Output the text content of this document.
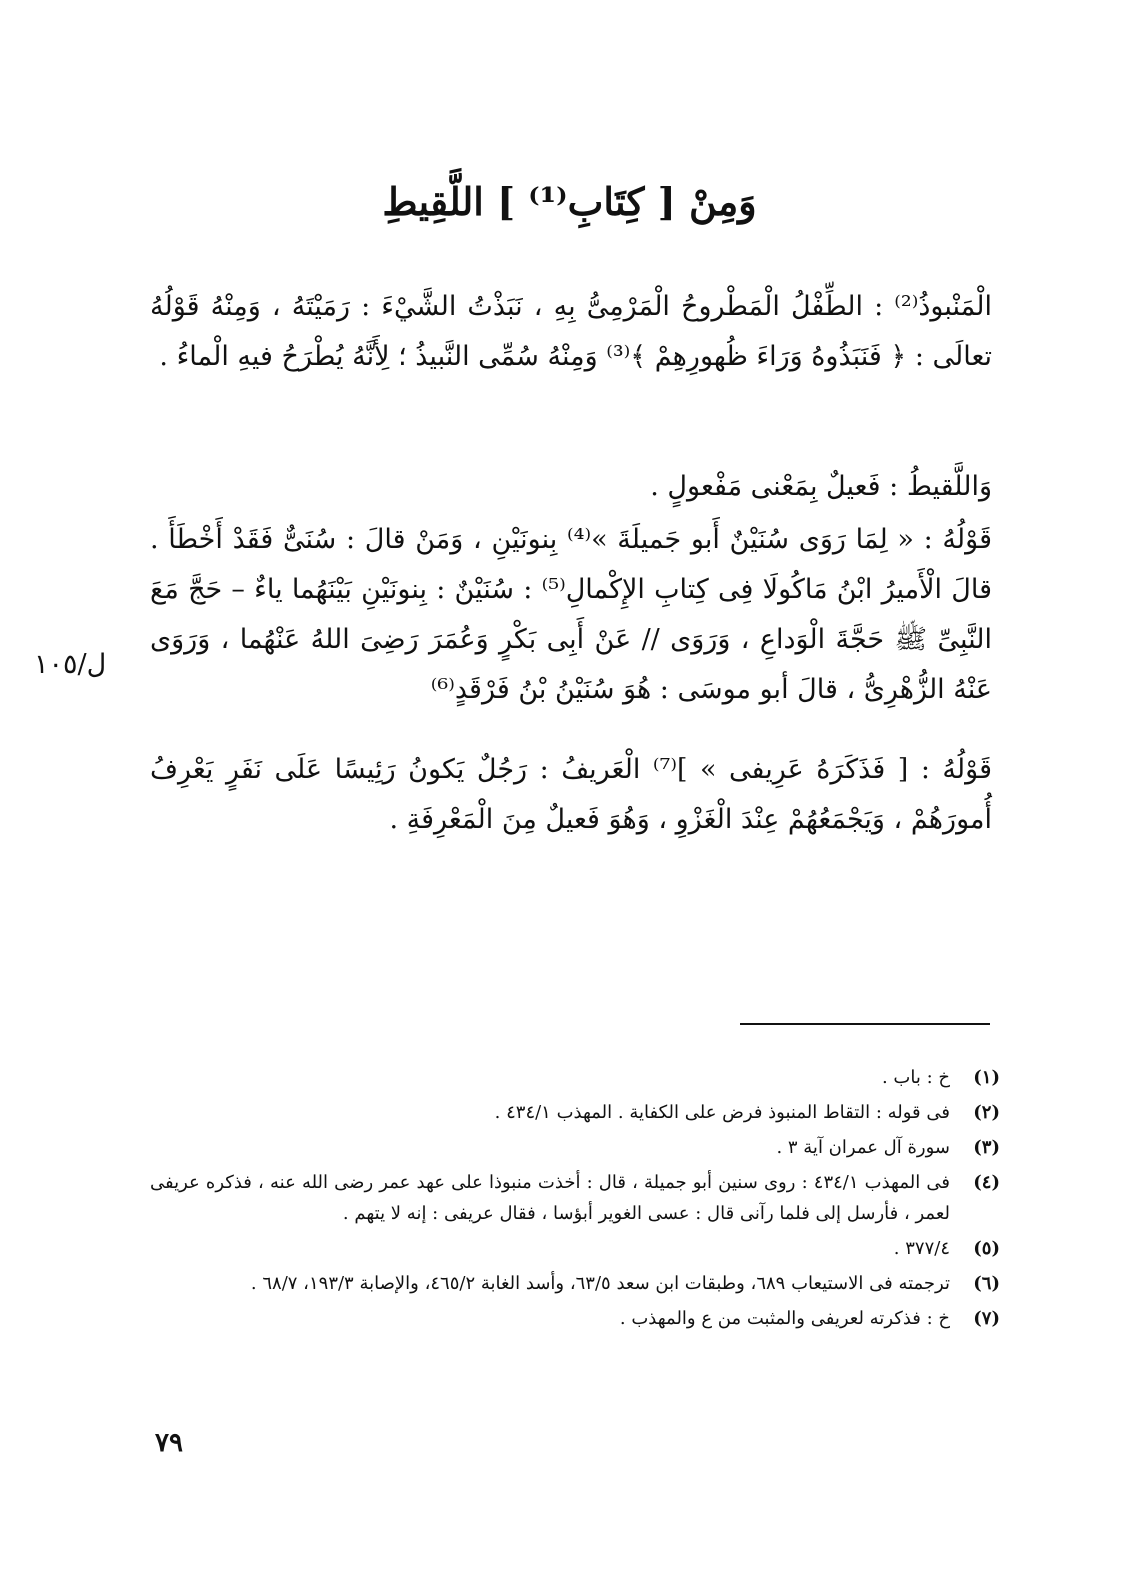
وَمِنْ [ كِتَابِ⁽¹⁾ ] اللَّقِيطِ
الْمَنْبوذُ⁽²⁾ : الطِّفْلُ الْمَطْروحُ الْمَرْمِىُّ بِهِ ، نَبَذْتُ الشَّيْءَ : رَمَيْتَهُ ، وَمِنْهُ قَوْلُهُ تعالَى : ﴿ فَنَبَذُوهُ وَرَاءَ ظُهورِهِمْ ﴾⁽³⁾ وَمِنْهُ سُمِّى النَّبيذُ ؛ لِأَنَّهُ يُطْرَحُ فيهِ الْماءُ .
وَاللَّقيطُ : فَعيلٌ بِمَعْنى مَفْعولٍ .
قَوْلُهُ : « لِمَا رَوَى سُنَيْنٌ أَبو جَميلَةَ »⁽⁴⁾ بِنونَيْنِ ، وَمَنْ قالَ : سُنَىٌّ فَقَدْ أَخْطَأَ . قالَ الْأَميرُ ابْنُ مَاكُولَا فِى كِتابِ الإِكْمالِ⁽⁵⁾ : سُنَيْنٌ : بِنونَيْنِ بَيْنَهُما ياءٌ – حَجَّ مَعَ النَّبِىِّ ﷺ حَجَّةَ الْوَداعِ ، وَرَوَى // عَنْ أَبِى بَكْرٍ وَعُمَرَ رَضِىَ اللهُ عَنْهُما ، وَرَوَى عَنْهُ الزُّهْرِىُّ ، قالَ أبو موسَى : هُوَ سُنَيْنُ بْنُ فَرْقَدٍ⁽⁶⁾
قَوْلُهُ : [ فَذَكَرَهُ عَرِيفى » ]⁽⁷⁾ الْعَريفُ : رَجُلٌ يَكونُ رَئِيسًا عَلَى نَفَرٍ يَعْرِفُ أُمورَهُمْ ، وَيَجْمَعُهُمْ عِنْدَ الْغَزْوِ ، وَهُوَ فَعيلٌ مِنَ الْمَعْرِفَةِ .
ل/١٠٥
(١)
خ : باب .
(٢)
فى قوله : التقاط المنبوذ فرض على الكفاية . المهذب ٤٣٤/١ .
(٣)
سورة آل عمران آية ٣ .
(٤)
فى المهذب ٤٣٤/١ : روى سنين أبو جميلة ، قال : أخذت منبوذا على عهد عمر رضى الله عنه ، فذكره عريفى لعمر ، فأرسل إلى فلما رآنى قال : عسى الغوير أبؤسا ، فقال عريفى : إنه لا يتهم .
(٥)
٣٧٧/٤ .
(٦)
ترجمته فى الاستيعاب ٦٨٩، وطبقات ابن سعد ٦٣/٥، وأسد الغابة ٤٦٥/٢، والإصابة ١٩٣/٣، ٦٨/٧ .
(٧)
خ : فذكرته لعريفى والمثبت من ع والمهذب .
٧٩
